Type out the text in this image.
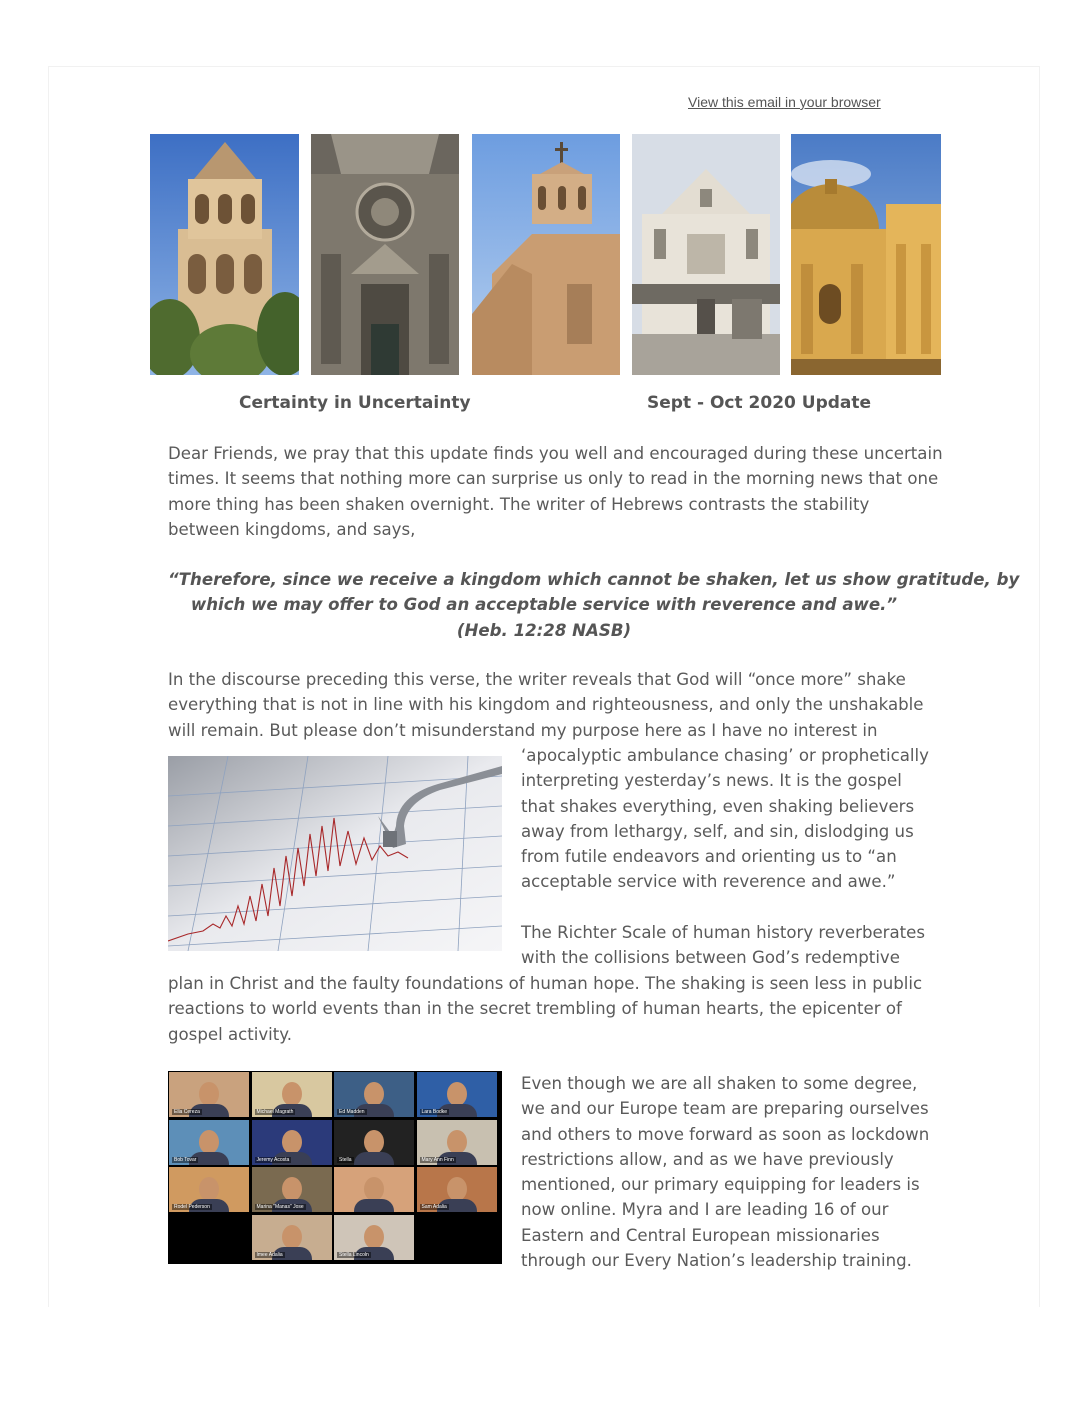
View this email in your browser
Certainty in Uncertainty	Sept - Oct 2020 Update
Dear Friends, we pray that this update finds you well and encouraged during these uncertain
times. It seems that nothing more can surprise us only to read in the morning news that one
more thing has been shaken overnight. The writer of Hebrews contrasts the stability
between kingdoms, and says,
“Therefore, since we receive a kingdom which cannot be shaken, let us show gratitude, by
which we may offer to God an acceptable service with reverence and awe.”
(Heb. 12:28 NASB)
In the discourse preceding this verse, the writer reveals that God will “once more” shake
everything that is not in line with his kingdom and righteousness, and only the unshakable
will remain. But please don’t misunderstand my purpose here as I have no interest in
‘apocalyptic ambulance chasing’ or prophetically
interpreting yesterday’s news. It is the gospel
that shakes everything, even shaking believers
away from lethargy, self, and sin, dislodging us
from futile endeavors and orienting us to “an
acceptable service with reverence and awe.”
The Richter Scale of human history reverberates
with the collisions between God’s redemptive
plan in Christ and the faulty foundations of human hope. The shaking is seen less in public
reactions to world events than in the secret trembling of human hearts, the epicenter of
gospel activity.
Ella Cereza	Michael Magrath	Ed Madden	Lara Bodke
Bob Tovar	Jeremy Acosta	Stella	Mary Ann Finn
Rodel Pederson	Marina "Manas" Jose	Sam Adalia
Imee Adalia	Stella Lincoln
Even though we are all shaken to some degree,
we and our Europe team are preparing ourselves
and others to move forward as soon as lockdown
restrictions allow, and as we have previously
mentioned, our primary equipping for leaders is
now online. Myra and I are leading 16 of our
Eastern and Central European missionaries
through our Every Nation’s leadership training.
